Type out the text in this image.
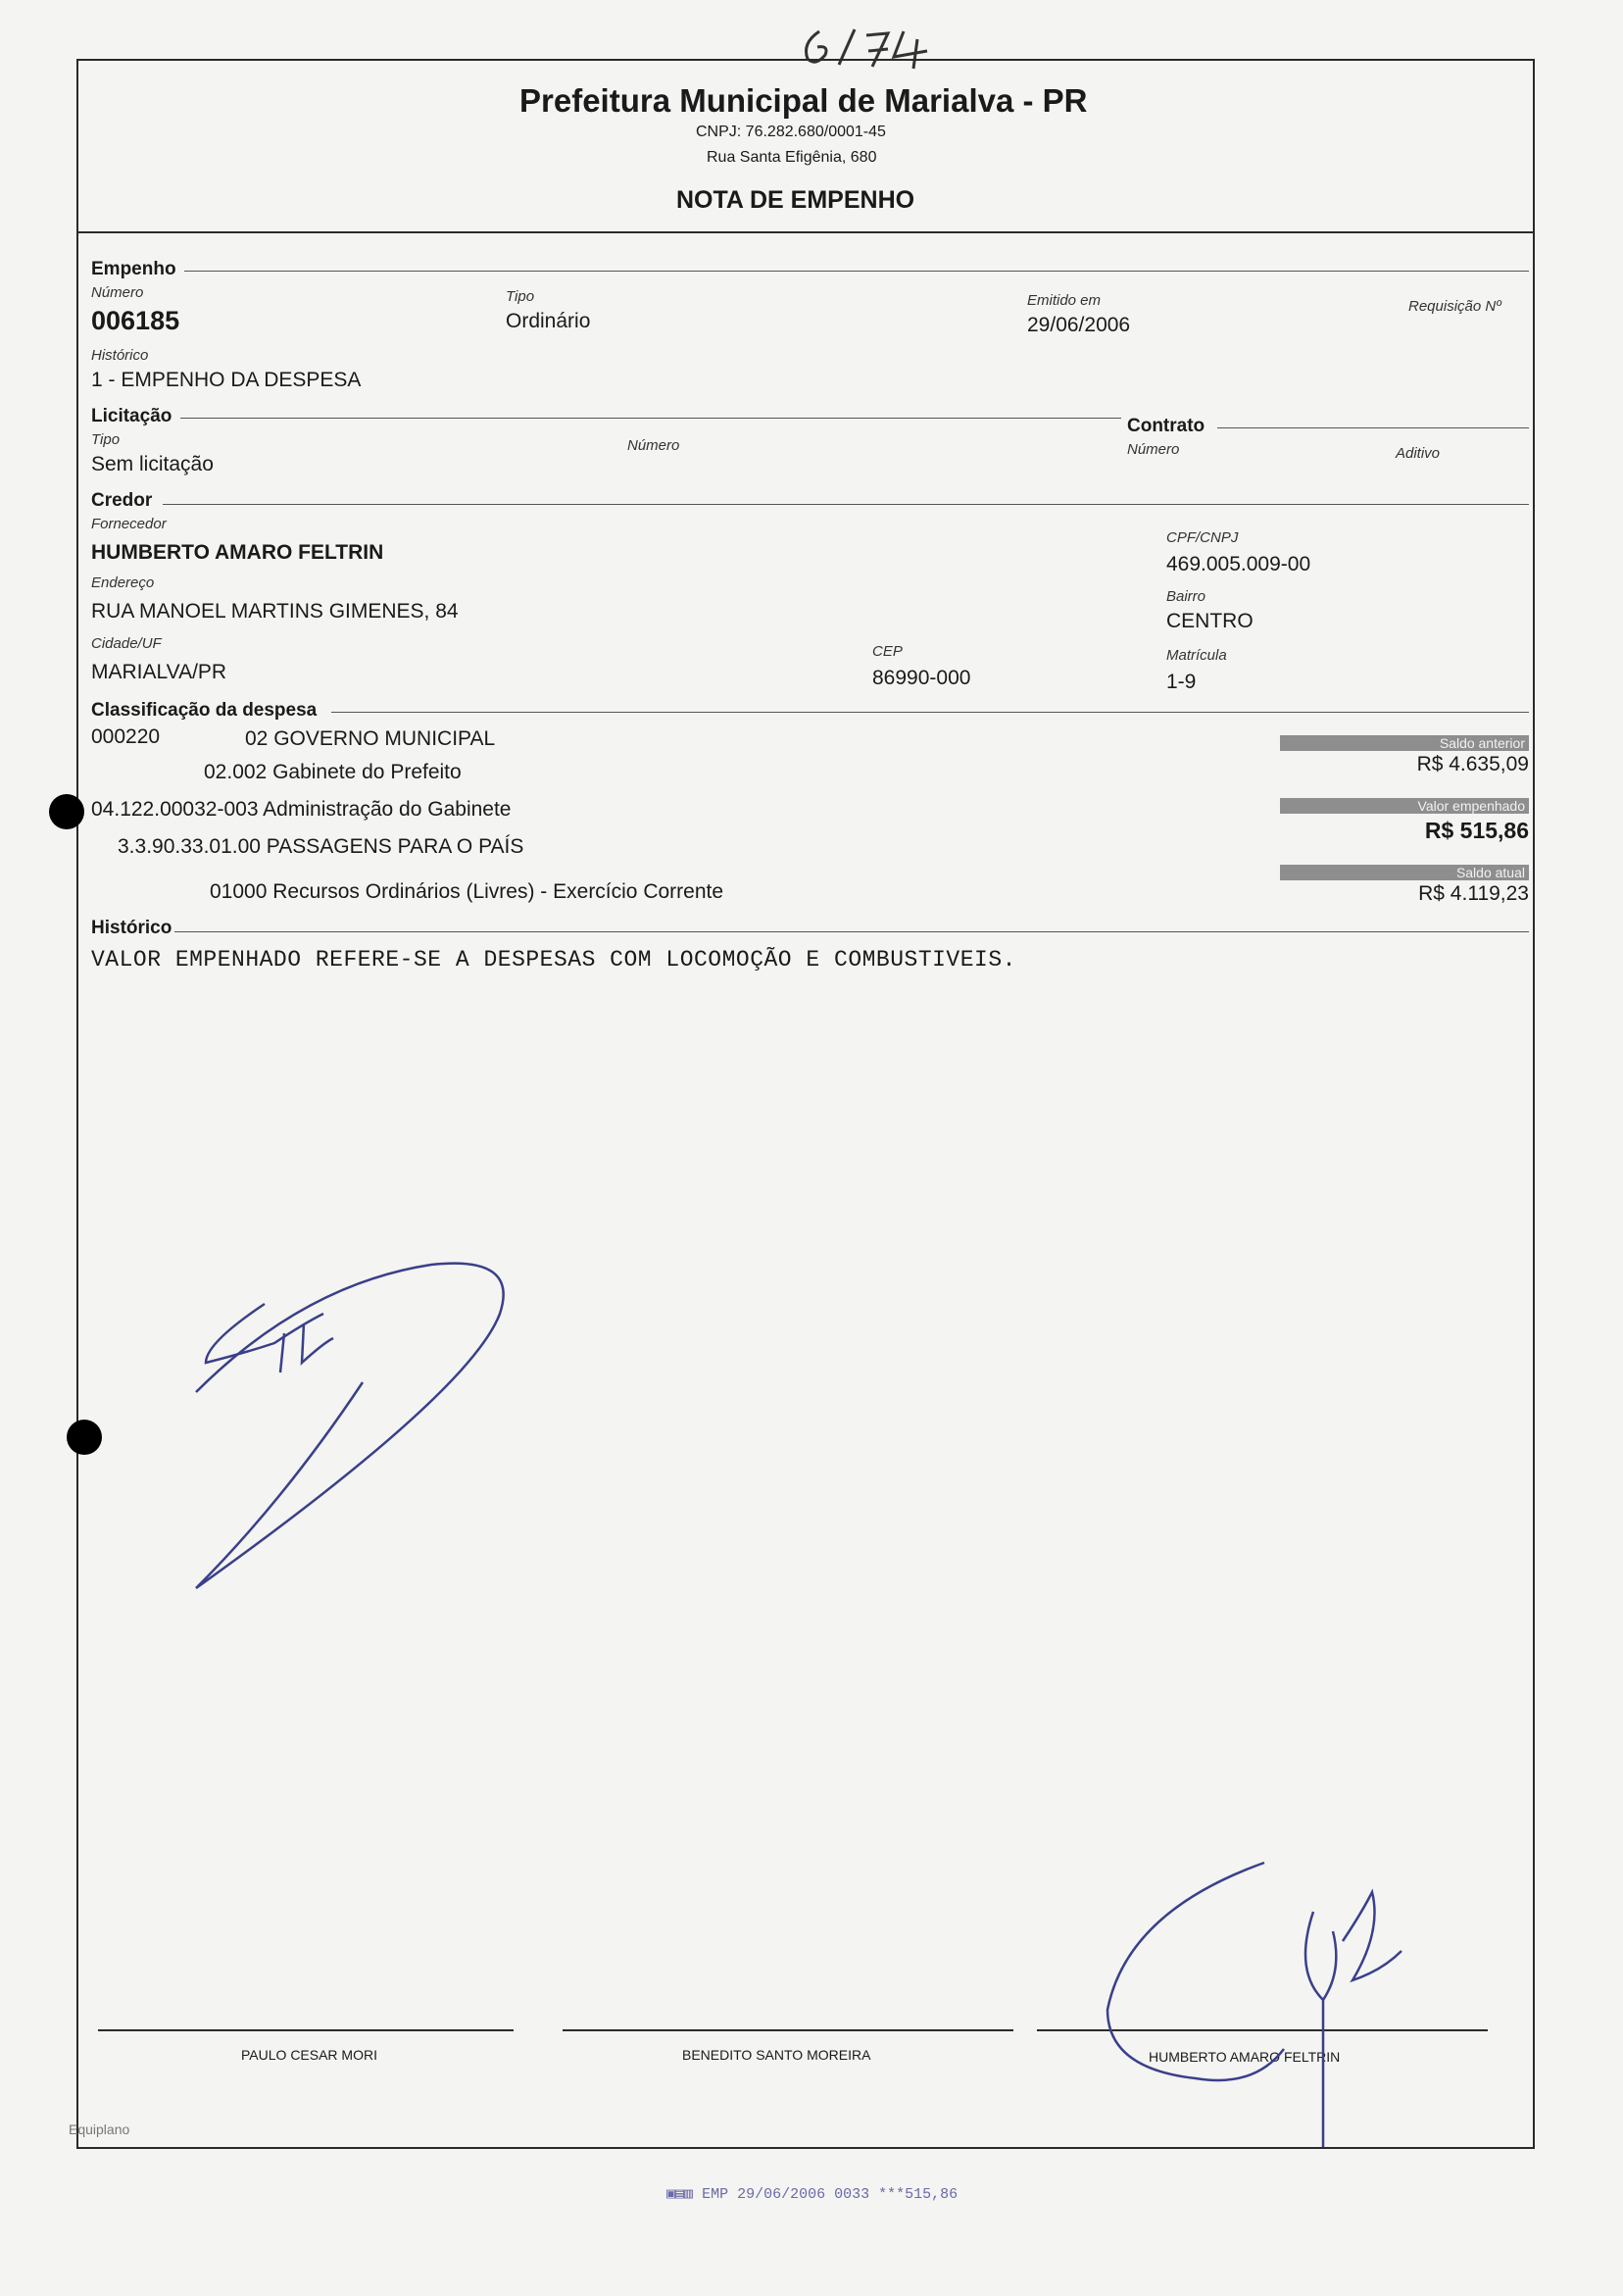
Prefeitura Municipal de Marialva - PR
CNPJ: 76.282.680/0001-45
Rua Santa Efigênia, 680
NOTA DE EMPENHO
Empenho
Número
006185
Tipo
Ordinário
Emitido em
29/06/2006
Requisição Nº
Histórico
1 - EMPENHO DA DESPESA
Licitação
Tipo
Sem licitação
Número
Contrato
Número	Aditivo
Credor
Fornecedor
HUMBERTO AMARO FELTRIN
CPF/CNPJ
469.005.009-00
Endereço
RUA MANOEL MARTINS GIMENES, 84
Bairro
CENTRO
Cidade/UF
MARIALVA/PR
CEP
86990-000
Matrícula
1-9
Classificação da despesa
000220	02 GOVERNO MUNICIPAL
02.002 Gabinete do Prefeito
04.122.00032-003 Administração do Gabinete
3.3.90.33.01.00 PASSAGENS PARA O PAÍS
01000 Recursos Ordinários (Livres) - Exercício Corrente
Saldo anterior
R$ 4.635,09
Valor empenhado
R$ 515,86
Saldo atual
R$ 4.119,23
Histórico
VALOR EMPENHADO REFERE-SE A DESPESAS COM LOCOMOÇÃO E COMBUSTIVEIS.
PAULO CESAR MORI	BENEDITO SANTO MOREIRA	HUMBERTO AMARO FELTRIN
Equiplano
▣▤▥ EMP 29/06/2006 0033 ***515,86
